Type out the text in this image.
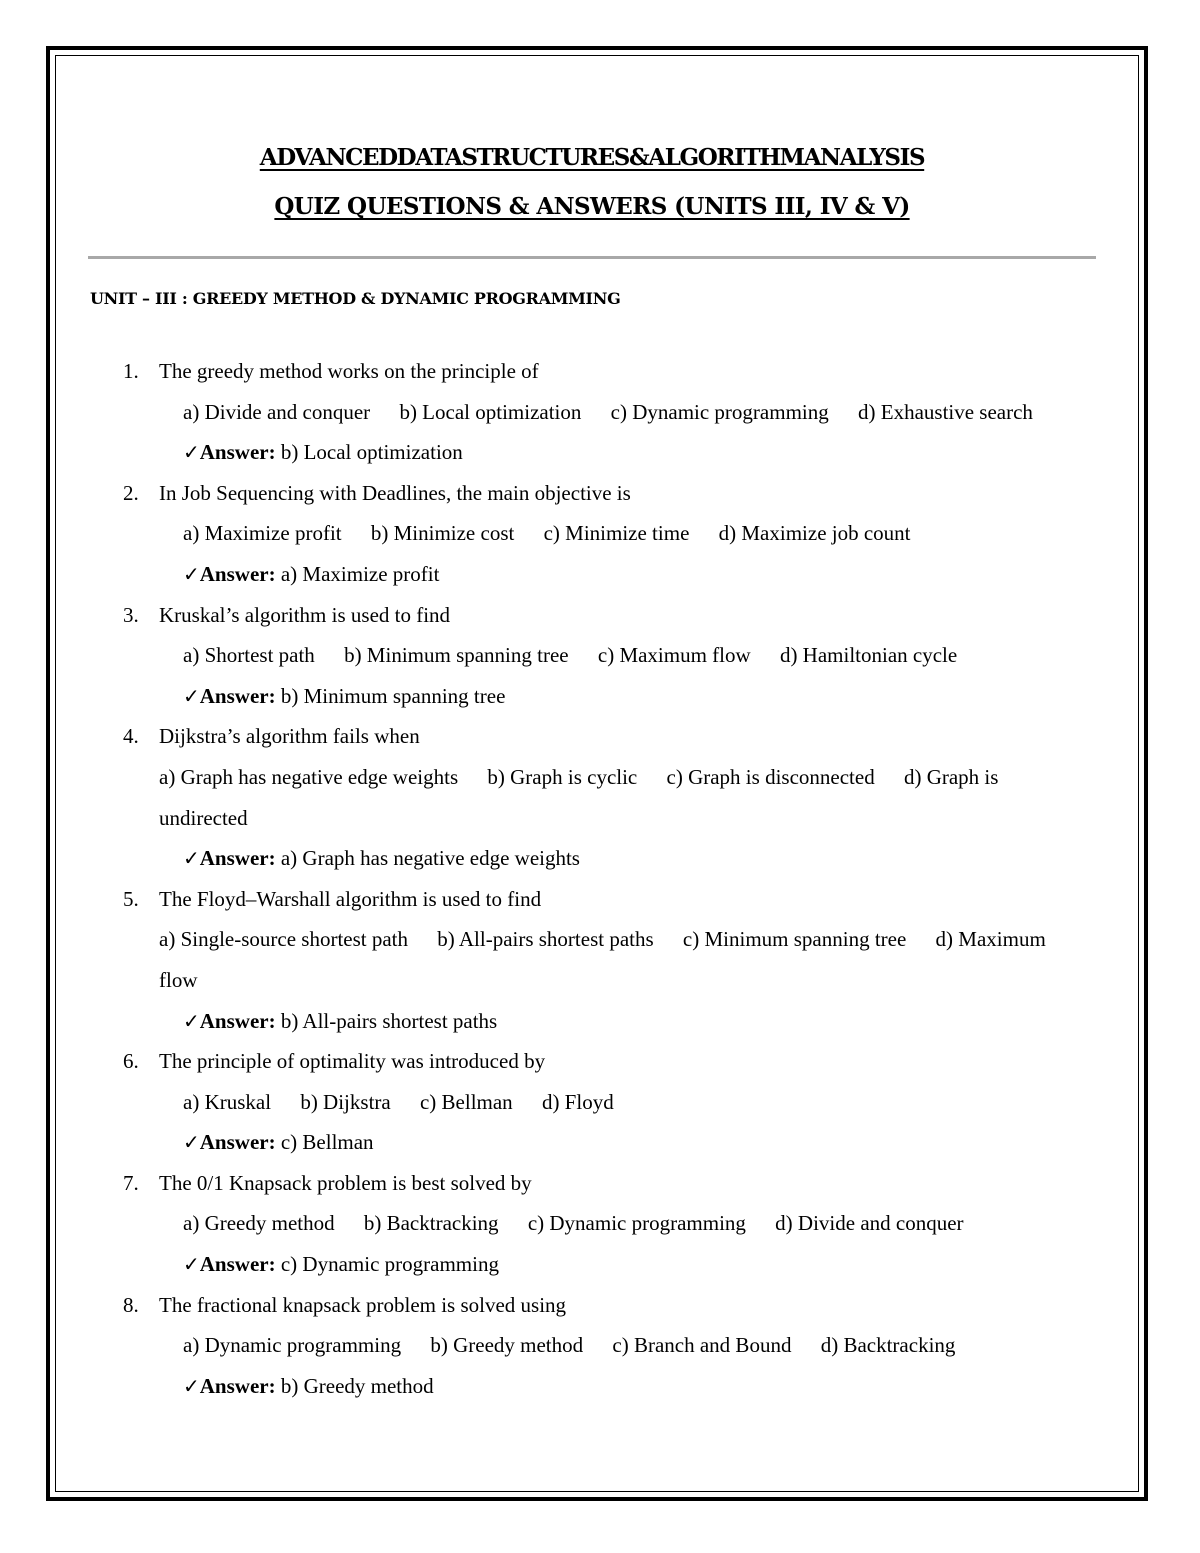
ADVANCEDDATASTRUCTURES&ALGORITHMANALYSIS
QUIZ QUESTIONS & ANSWERS (UNITS III, IV & V)
UNIT – III : GREEDY METHOD & DYNAMIC PROGRAMMING
1. The greedy method works on the principle of
a) Divide and conquer b) Local optimization c) Dynamic programming d) Exhaustive search
✓Answer: b) Local optimization
2. In Job Sequencing with Deadlines, the main objective is
a) Maximize profit b) Minimize cost c) Minimize time d) Maximize job count
✓Answer: a) Maximize profit
3. Kruskal’s algorithm is used to find
a) Shortest path b) Minimum spanning tree c) Maximum flow d) Hamiltonian cycle
✓Answer: b) Minimum spanning tree
4. Dijkstra’s algorithm fails when
a) Graph has negative edge weights b) Graph is cyclic c) Graph is disconnected d) Graph is undirected
✓Answer: a) Graph has negative edge weights
5. The Floyd–Warshall algorithm is used to find
a) Single-source shortest path b) All-pairs shortest paths c) Minimum spanning tree d) Maximum flow
✓Answer: b) All-pairs shortest paths
6. The principle of optimality was introduced by
a) Kruskal b) Dijkstra c) Bellman d) Floyd
✓Answer: c) Bellman
7. The 0/1 Knapsack problem is best solved by
a) Greedy method b) Backtracking c) Dynamic programming d) Divide and conquer
✓Answer: c) Dynamic programming
8. The fractional knapsack problem is solved using
a) Dynamic programming b) Greedy method c) Branch and Bound d) Backtracking
✓Answer: b) Greedy method
